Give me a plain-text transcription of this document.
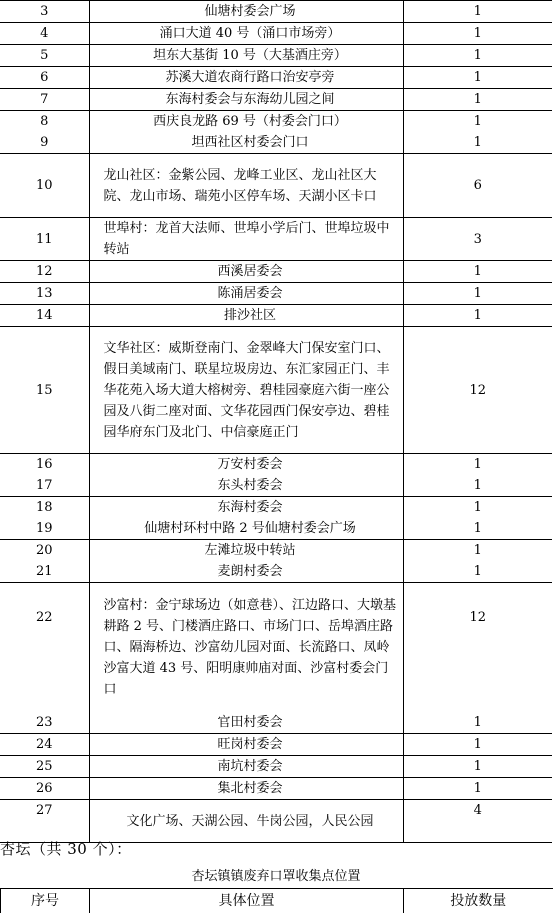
3	仙塘村委会广场	1
4	涌口大道 40 号（涌口市场旁）	1
5	坦东大基街 10 号（大基酒庄旁）	1
6	苏溪大道农商行路口治安亭旁	1
7	东海村委会与东海幼儿园之间	1
8	西庆良龙路 69 号（村委会门口）	1
9	坦西社区村委会门口	1
10	龙山社区：金紫公园、龙峰工业区、龙山社区大院、龙山市场、瑞苑小区停车场、天湖小区卡口	6
11	世埠村：龙首大法师、世埠小学后门、世埠垃圾中转站	3
12	西溪居委会	1
13	陈涌居委会	1
14	排沙社区	1
15	文华社区：威斯登南门、金翠峰大门保安室门口、假日美域南门、联星垃圾房边、东汇家园正门、丰华花苑入场大道大榕树旁、碧桂园豪庭六街一座公园及八街二座对面、文华花园西门保安亭边、碧桂园华府东门及北门、中信豪庭正门	12
16	万安村委会	1
17	东头村委会	1
18	东海村委会	1
19	仙塘村环村中路 2 号仙塘村委会广场	1
20	左滩垃圾中转站	1
21	麦朗村委会	1
22	沙富村：金宁球场边（如意巷）、江边路口、大墩基耕路 2 号、门楼酒庄路口、市场门口、岳埠酒庄路口、隔海桥边、沙富幼儿园对面、长流路口、凤岭沙富大道 43 号、阳明康帅庙对面、沙富村委会门口	12
23	官田村委会	1
24	旺岗村委会	1
25	南坑村委会	1
26	集北村委会	1
27	文化广场、天湖公园、牛岗公园，人民公园	4
杏坛（共 30 个）：
杏坛镇镇废弃口罩收集点位置
序号	具体位置	投放数量
